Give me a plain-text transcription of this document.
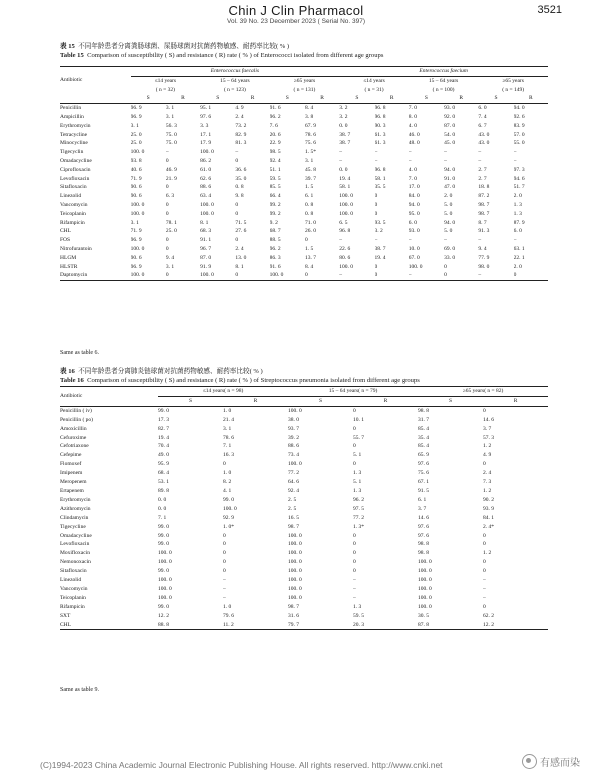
Chin J Clin Pharmacol	3521
Vol. 39 No. 23 December 2023 ( Serial No. 397)
表 15 不同年龄患者分离粪肠球菌、屎肠球菌对抗菌药物敏感、耐药率比较( % )
Table 15 Comparison of susceptibility ( S) and resistance ( R) rate ( % ) of Enterococci isolated from different age groups
Antibiotic	Enterococcus faecalis						Enterococcus faecium					
	≤14 years		15 – 64 years		≥65 years		≤14 years		15 – 64 years		≥65 years	
	( n = 32)		( n = 123)		( n = 131)		( n = 31)		( n = 100)		( n = 149)	
	S	R	S	R	S	R	S	R	S	R	S	R
Penicillin	96. 9	3. 1	95. 1	4. 9	91. 6	8. 4	3. 2	96. 8	7. 0	93. 0	6. 0	94. 0
Ampicillin	96. 9	3. 1	97. 6	2. 4	96. 2	3. 8	3. 2	96. 8	8. 0	92. 0	7. 4	92. 6
Erythromycin	3. 1	56. 3	3. 3	73. 2	7. 6	67. 9	0. 0	90. 3	4. 0	87. 0	6. 7	83. 9
Tetracycline	25. 0	75. 0	17. 1	82. 9	20. 6	78. 6	38. 7	61. 3	46. 0	54. 0	43. 0	57. 0
Minocycline	25. 0	75. 0	17. 9	81. 3	22. 9	75. 6	38. 7	61. 3	48. 0	45. 0	43. 0	55. 0
Tigecyclin	100. 0	–	100. 0	–	98. 5	1. 5*	–	–	–	–	–	–
Omadacycline	93. 8	0	86. 2	0	92. 4	3. 1	–	–	–	–	–	–
Ciprofloxacin	40. 6	46. 9	61. 0	36. 6	51. 1	45. 8	0. 0	96. 8	4. 0	94. 0	2. 7	97. 3
Levofloxacin	71. 9	21. 9	62. 6	35. 0	59. 5	39. 7	19. 4	58. 1	7. 0	91. 0	2. 7	94. 6
Sitafloxacin	90. 6	0	88. 6	0. 8	85. 5	1. 5	58. 1	35. 5	17. 0	47. 0	18. 8	51. 7
Linezolid	90. 6	6. 3	63. 4	9. 8	66. 4	6. 1	100. 0	0	84. 0	2. 0	87. 2	2. 0
Vancomycin	100. 0	0	100. 0	0	99. 2	0. 8	100. 0	0	94. 0	5. 0	98. 7	1. 3
Teicoplanin	100. 0	0	100. 0	0	99. 2	0. 8	100. 0	0	95. 0	5. 0	98. 7	1. 3
Rifampicin	3. 1	78. 1	8. 1	71. 5	9. 2	71. 0	6. 5	93. 5	6. 0	94. 0	8. 7	87. 9
CHL	71. 9	25. 0	68. 3	27. 6	68. 7	26. 0	96. 8	3. 2	93. 0	5. 0	91. 3	6. 0
FOS	96. 9	0	91. 1	0	88. 5	0	–	–	–	–	–	–
Nitrofurantoin	100. 0	0	96. 7	2. 4	96. 2	1. 5	22. 6	38. 7	10. 0	69. 0	9. 4	63. 1
HLGM	90. 6	9. 4	87. 0	13. 0	86. 3	13. 7	80. 6	19. 4	67. 0	33. 0	77. 9	22. 1
HLSTR	96. 9	3. 1	91. 9	8. 1	91. 6	8. 4	100. 0	0	100. 0	0	98. 0	2. 0
Daptomycin	100. 0	0	100. 0	0	100. 0	0	–	0	–	0	–	0
Same as table 6.
表 16 不同年龄患者分离肺炎链球菌对抗菌药物敏感、耐药率比较( % )
Table 16 Comparison of susceptibility ( S) and resistance ( R) rate ( % ) of Streptococcus pneumonia isolated from different age groups
Antibiotic	≤14 years( n = 98)		15 – 64 years( n = 79)		≥65 years( n = 82)	
	S	R	S	R	S	R
Penicillin ( iv)	99. 0	1. 0	100. 0	0	98. 8	0
Penicillin ( po)	17. 3	21. 4	38. 0	10. 1	31. 7	14. 6
Amoxicillin	82. 7	3. 1	93. 7	0	85. 4	3. 7
Cefuroxime	19. 4	78. 6	39. 2	55. 7	35. 4	57. 3
Cefotriaxone	70. 4	7. 1	88. 6	0	85. 4	1. 2
Cefepime	49. 0	16. 3	73. 4	5. 1	65. 9	4. 9
Flomoxef	95. 9	0	100. 0	0	97. 6	0
Imipenem	68. 4	1. 0	77. 2	1. 3	75. 6	2. 4
Meropenem	53. 1	8. 2	64. 6	5. 1	67. 1	7. 3
Ertapenem	89. 8	4. 1	92. 4	1. 3	91. 5	1. 2
Erythromycin	0. 0	99. 0	2. 5	96. 2	6. 1	90. 2
Azithromycin	0. 0	100. 0	2. 5	97. 5	3. 7	93. 9
Clindamycin	7. 1	92. 9	16. 5	77. 2	14. 6	84. 1
Tigecycline	99. 0	1. 0*	98. 7	1. 3*	97. 6	2. 4*
Omadacycline	99. 0	0	100. 0	0	97. 6	0
Levofloxacin	99. 0	0	100. 0	0	98. 8	0
Moxifloxacin	100. 0	0	100. 0	0	98. 8	1. 2
Nemonoxacin	100. 0	0	100. 0	0	100. 0	0
Sitafloxacin	99. 0	0	100. 0	0	100. 0	0
Linezolid	100. 0	–	100. 0	–	100. 0	–
Vancomycin	100. 0	–	100. 0	–	100. 0	–
Teicoplanin	100. 0	–	100. 0	–	100. 0	–
Rifampicin	99. 0	1. 0	98. 7	1. 3	100. 0	0
SXT	12. 2	79. 6	31. 6	59. 5	30. 5	62. 2
CHL	88. 8	11. 2	79. 7	20. 3	87. 8	12. 2
Same as table 9.
(C)1994-2023 China Academic Journal Electronic Publishing House. All rights reserved. http://www.cnki.net	有感而染
